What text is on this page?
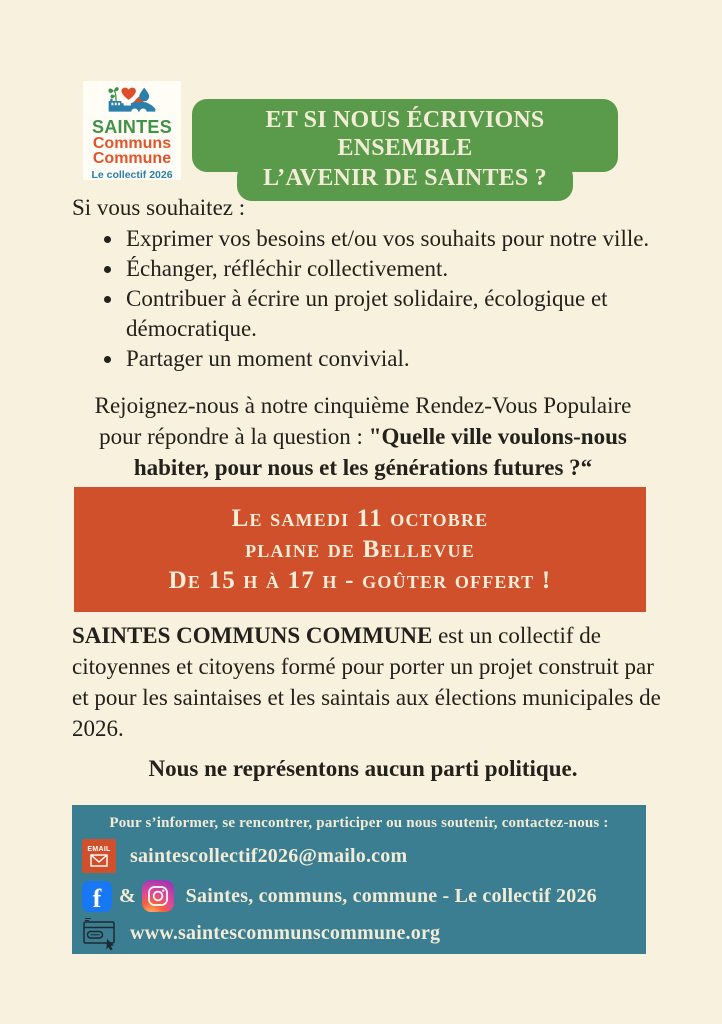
SAINTES
Communs
Commune
Le collectif 2026
ET SI NOUS ÉCRIVIONS ENSEMBLE
L’AVENIR DE SAINTES ?
Si vous souhaitez :
• Exprimer vos besoins et/ou vos souhaits pour notre ville.
• Échanger, réfléchir collectivement.
• Contribuer à écrire un projet solidaire, écologique et démocratique.
• Partager un moment convivial.
Rejoignez-nous à notre cinquième Rendez-Vous Populaire pour répondre à la question : "Quelle ville voulons-nous habiter, pour nous et les générations futures ?“
Le samedi 11 octobre
plaine de Bellevue
De 15 h à 17 h - goûter offert !
SAINTES COMMUNS COMMUNE est un collectif de citoyennes et citoyens formé pour porter un projet construit par et pour les saintaises et les saintais aux élections municipales de 2026.
Nous ne représentons aucun parti politique.
Pour s’informer, se rencontrer, participer ou nous soutenir, contactez-nous :
EMAIL saintescollectif2026@mailo.com
f &	Saintes, communs, commune - Le collectif 2026
www.saintescommunscommune.org
